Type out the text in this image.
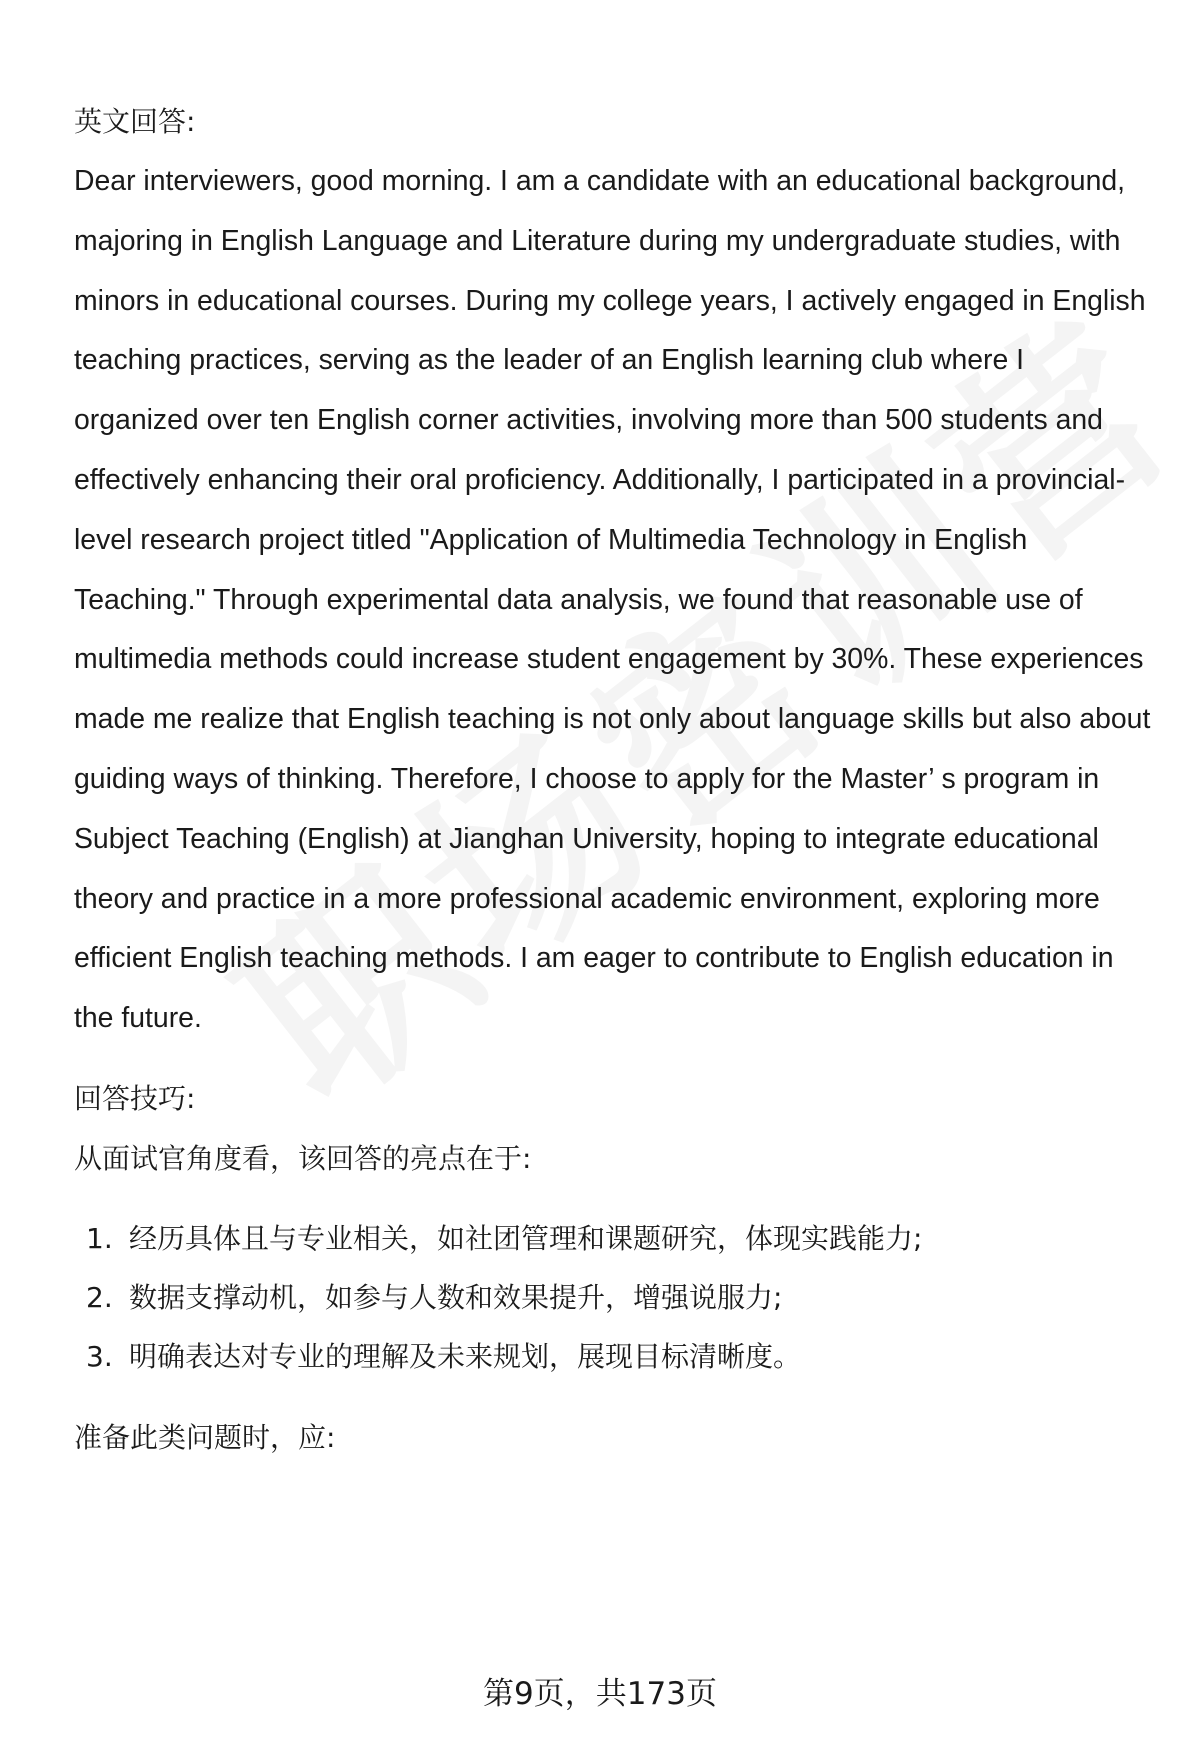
英文回答:

Dear interviewers, good morning. I am a candidate with an educational background, majoring in English Language and Literature during my undergraduate studies, with minors in educational courses. During my college years, I actively engaged in English teaching practices, serving as the leader of an English learning club where I organized over ten English corner activities, involving more than 500 students and effectively enhancing their oral proficiency. Additionally, I participated in a provincial-level research project titled "Application of Multimedia Technology in English Teaching." Through experimental data analysis, we found that reasonable use of multimedia methods could increase student engagement by 30%. These experiences made me realize that English teaching is not only about language skills but also about guiding ways of thinking. Therefore, I choose to apply for the Master’ s program in Subject Teaching (English) at Jianghan University, hoping to integrate educational theory and practice in a more professional academic environment, exploring more efficient English teaching methods. I am eager to contribute to English education in the future.

回答技巧:

从面试官角度看，该回答的亮点在于:

1. 经历具体且与专业相关，如社团管理和课题研究，体现实践能力;
2. 数据支撑动机，如参与人数和效果提升，增强说服力;
3. 明确表达对专业的理解及未来规划，展现目标清晰度。

准备此类问题时，应:

第9页，共173页
